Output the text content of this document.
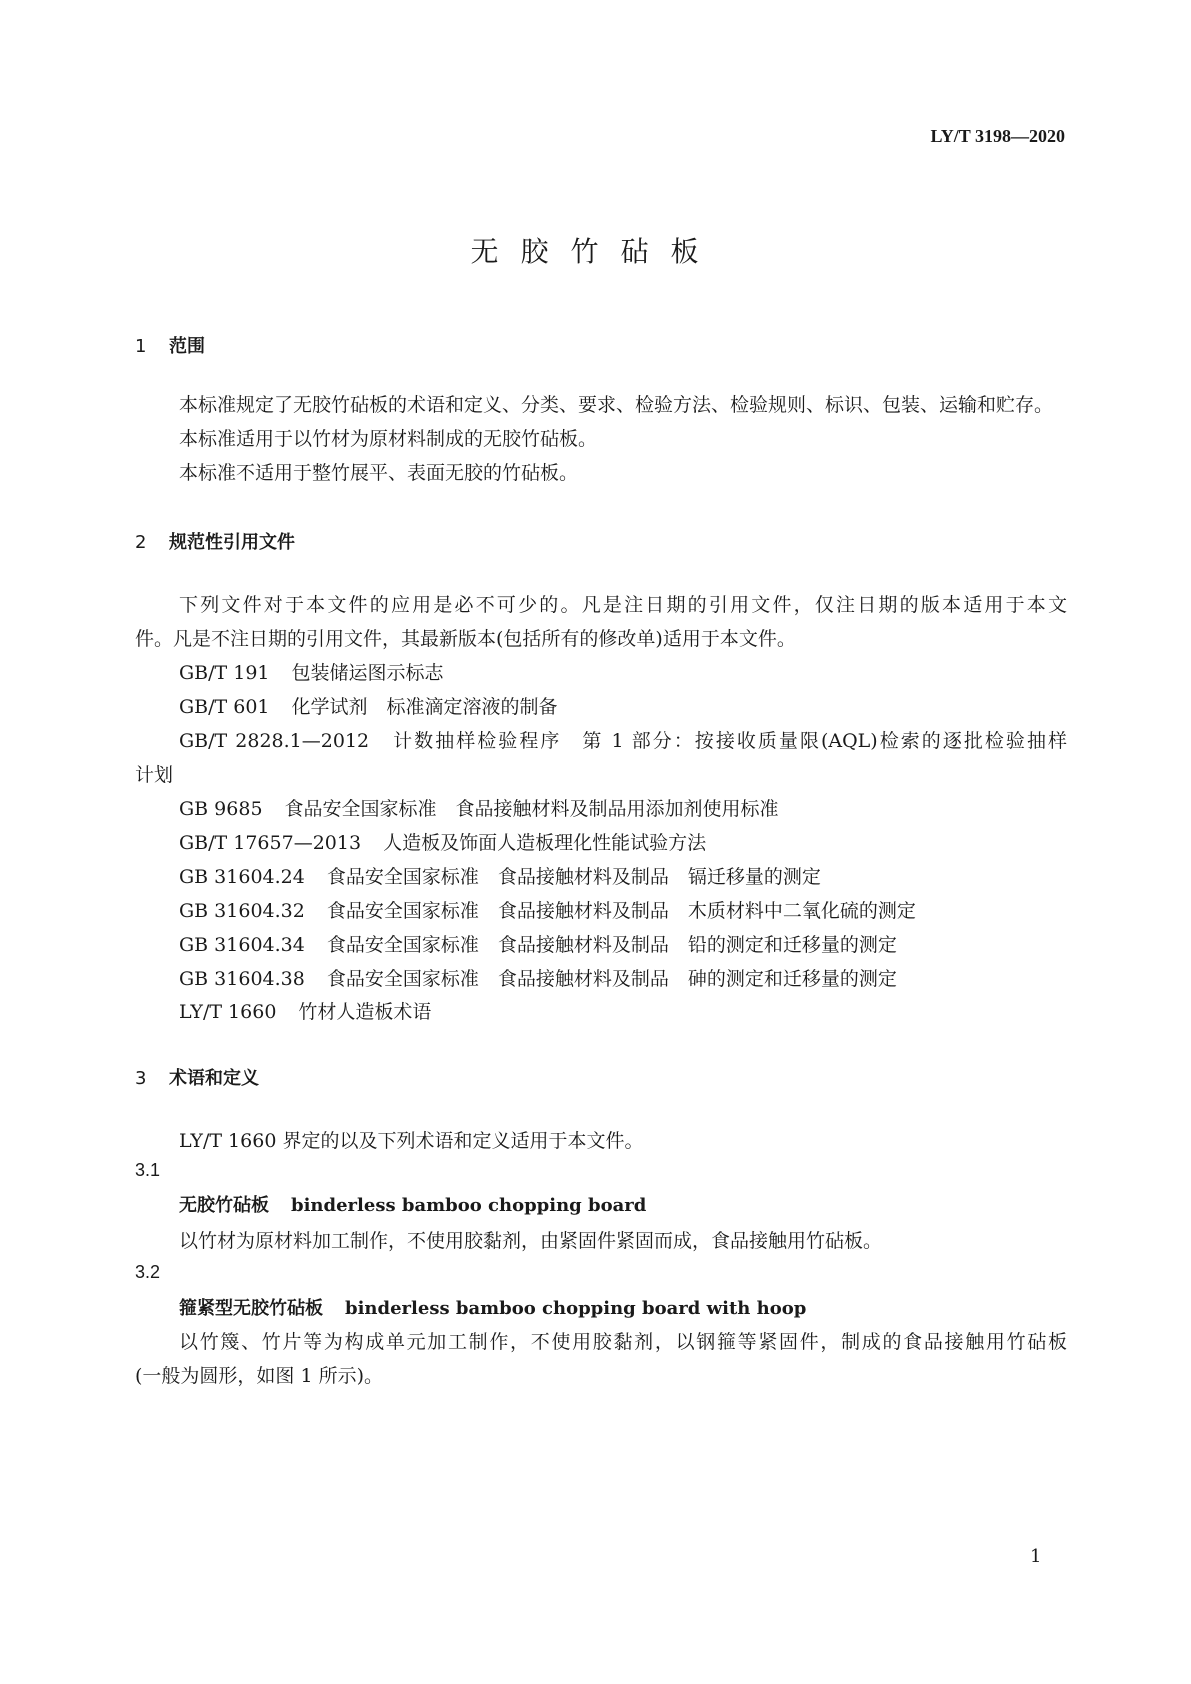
LY/T 3198—2020
无胶竹砧板
1 范围
本标准规定了无胶竹砧板的术语和定义、分类、要求、检验方法、检验规则、标识、包装、运输和贮存。
本标准适用于以竹材为原材料制成的无胶竹砧板。
本标准不适用于整竹展平、表面无胶的竹砧板。
2 规范性引用文件
下列文件对于本文件的应用是必不可少的。凡是注日期的引用文件，仅注日期的版本适用于本文
件。凡是不注日期的引用文件，其最新版本(包括所有的修改单)适用于本文件。
GB/T 191 包装储运图示标志
GB/T 601 化学试剂　标准滴定溶液的制备
GB/T 2828.1—2012 计数抽样检验程序　第 1 部分：按接收质量限(AQL)检索的逐批检验抽样
计划
GB 9685 食品安全国家标准　食品接触材料及制品用添加剂使用标准
GB/T 17657—2013 人造板及饰面人造板理化性能试验方法
GB 31604.24 食品安全国家标准　食品接触材料及制品　镉迁移量的测定
GB 31604.32 食品安全国家标准　食品接触材料及制品　木质材料中二氧化硫的测定
GB 31604.34 食品安全国家标准　食品接触材料及制品　铅的测定和迁移量的测定
GB 31604.38 食品安全国家标准　食品接触材料及制品　砷的测定和迁移量的测定
LY/T 1660 竹材人造板术语
3 术语和定义
LY/T 1660 界定的以及下列术语和定义适用于本文件。
3.1
无胶竹砧板 binderless bamboo chopping board
以竹材为原材料加工制作，不使用胶黏剂，由紧固件紧固而成，食品接触用竹砧板。
3.2
箍紧型无胶竹砧板 binderless bamboo chopping board with hoop
以竹篾、竹片等为构成单元加工制作，不使用胶黏剂，以钢箍等紧固件，制成的食品接触用竹砧板
(一般为圆形，如图 1 所示)。
1
